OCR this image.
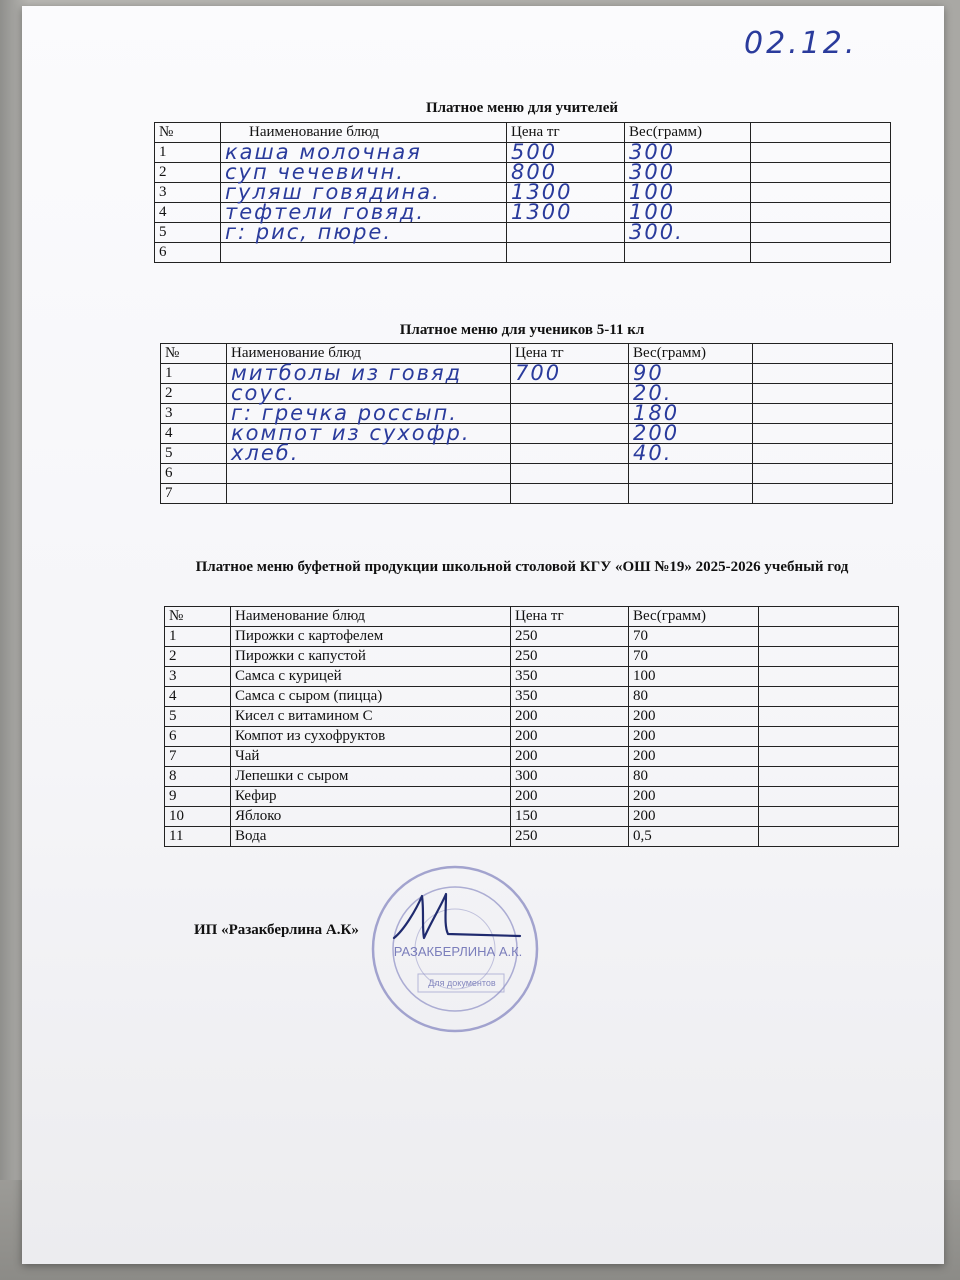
02.12.
Платное меню для учителей
№	Наименование блюд	Цена тг	Вес(грамм)	
1	каша молочная	500	300	
2	суп чечевичн.	800	300	
3	гуляш говядина.	1300	100	
4	тефтели говяд.	1300	100	
5	г: рис, пюре.		300.	
6				
Платное меню для учеников 5-11 кл
№	Наименование блюд	Цена тг	Вес(грамм)	
1	митболы из говяд	700	90	
2	соус.		20.	
3	г: гречка россып.		180	
4	компот из сухофр.		200	
5	хлеб.		40.	
6				
7				
Платное меню буфетной продукции школьной столовой КГУ «ОШ №19» 2025-2026 учебный год
№	Наименование блюд	Цена тг	Вес(грамм)	
1	Пирожки с картофелем	250	70	
2	Пирожки с капустой	250	70	
3	Самса с курицей	350	100	
4	Самса с сыром (пицца)	350	80	
5	Кисел с витамином С	200	200	
6	Компот из сухофруктов	200	200	
7	Чай	200	200	
8	Лепешки с сыром	300	80	
9	Кефир	200	200	
10	Яблоко	150	200	
11	Вода	250	0,5	
ИП «Разакберлина А.К»
РАЗАКБЕРЛИНА А.К.
Для документов
